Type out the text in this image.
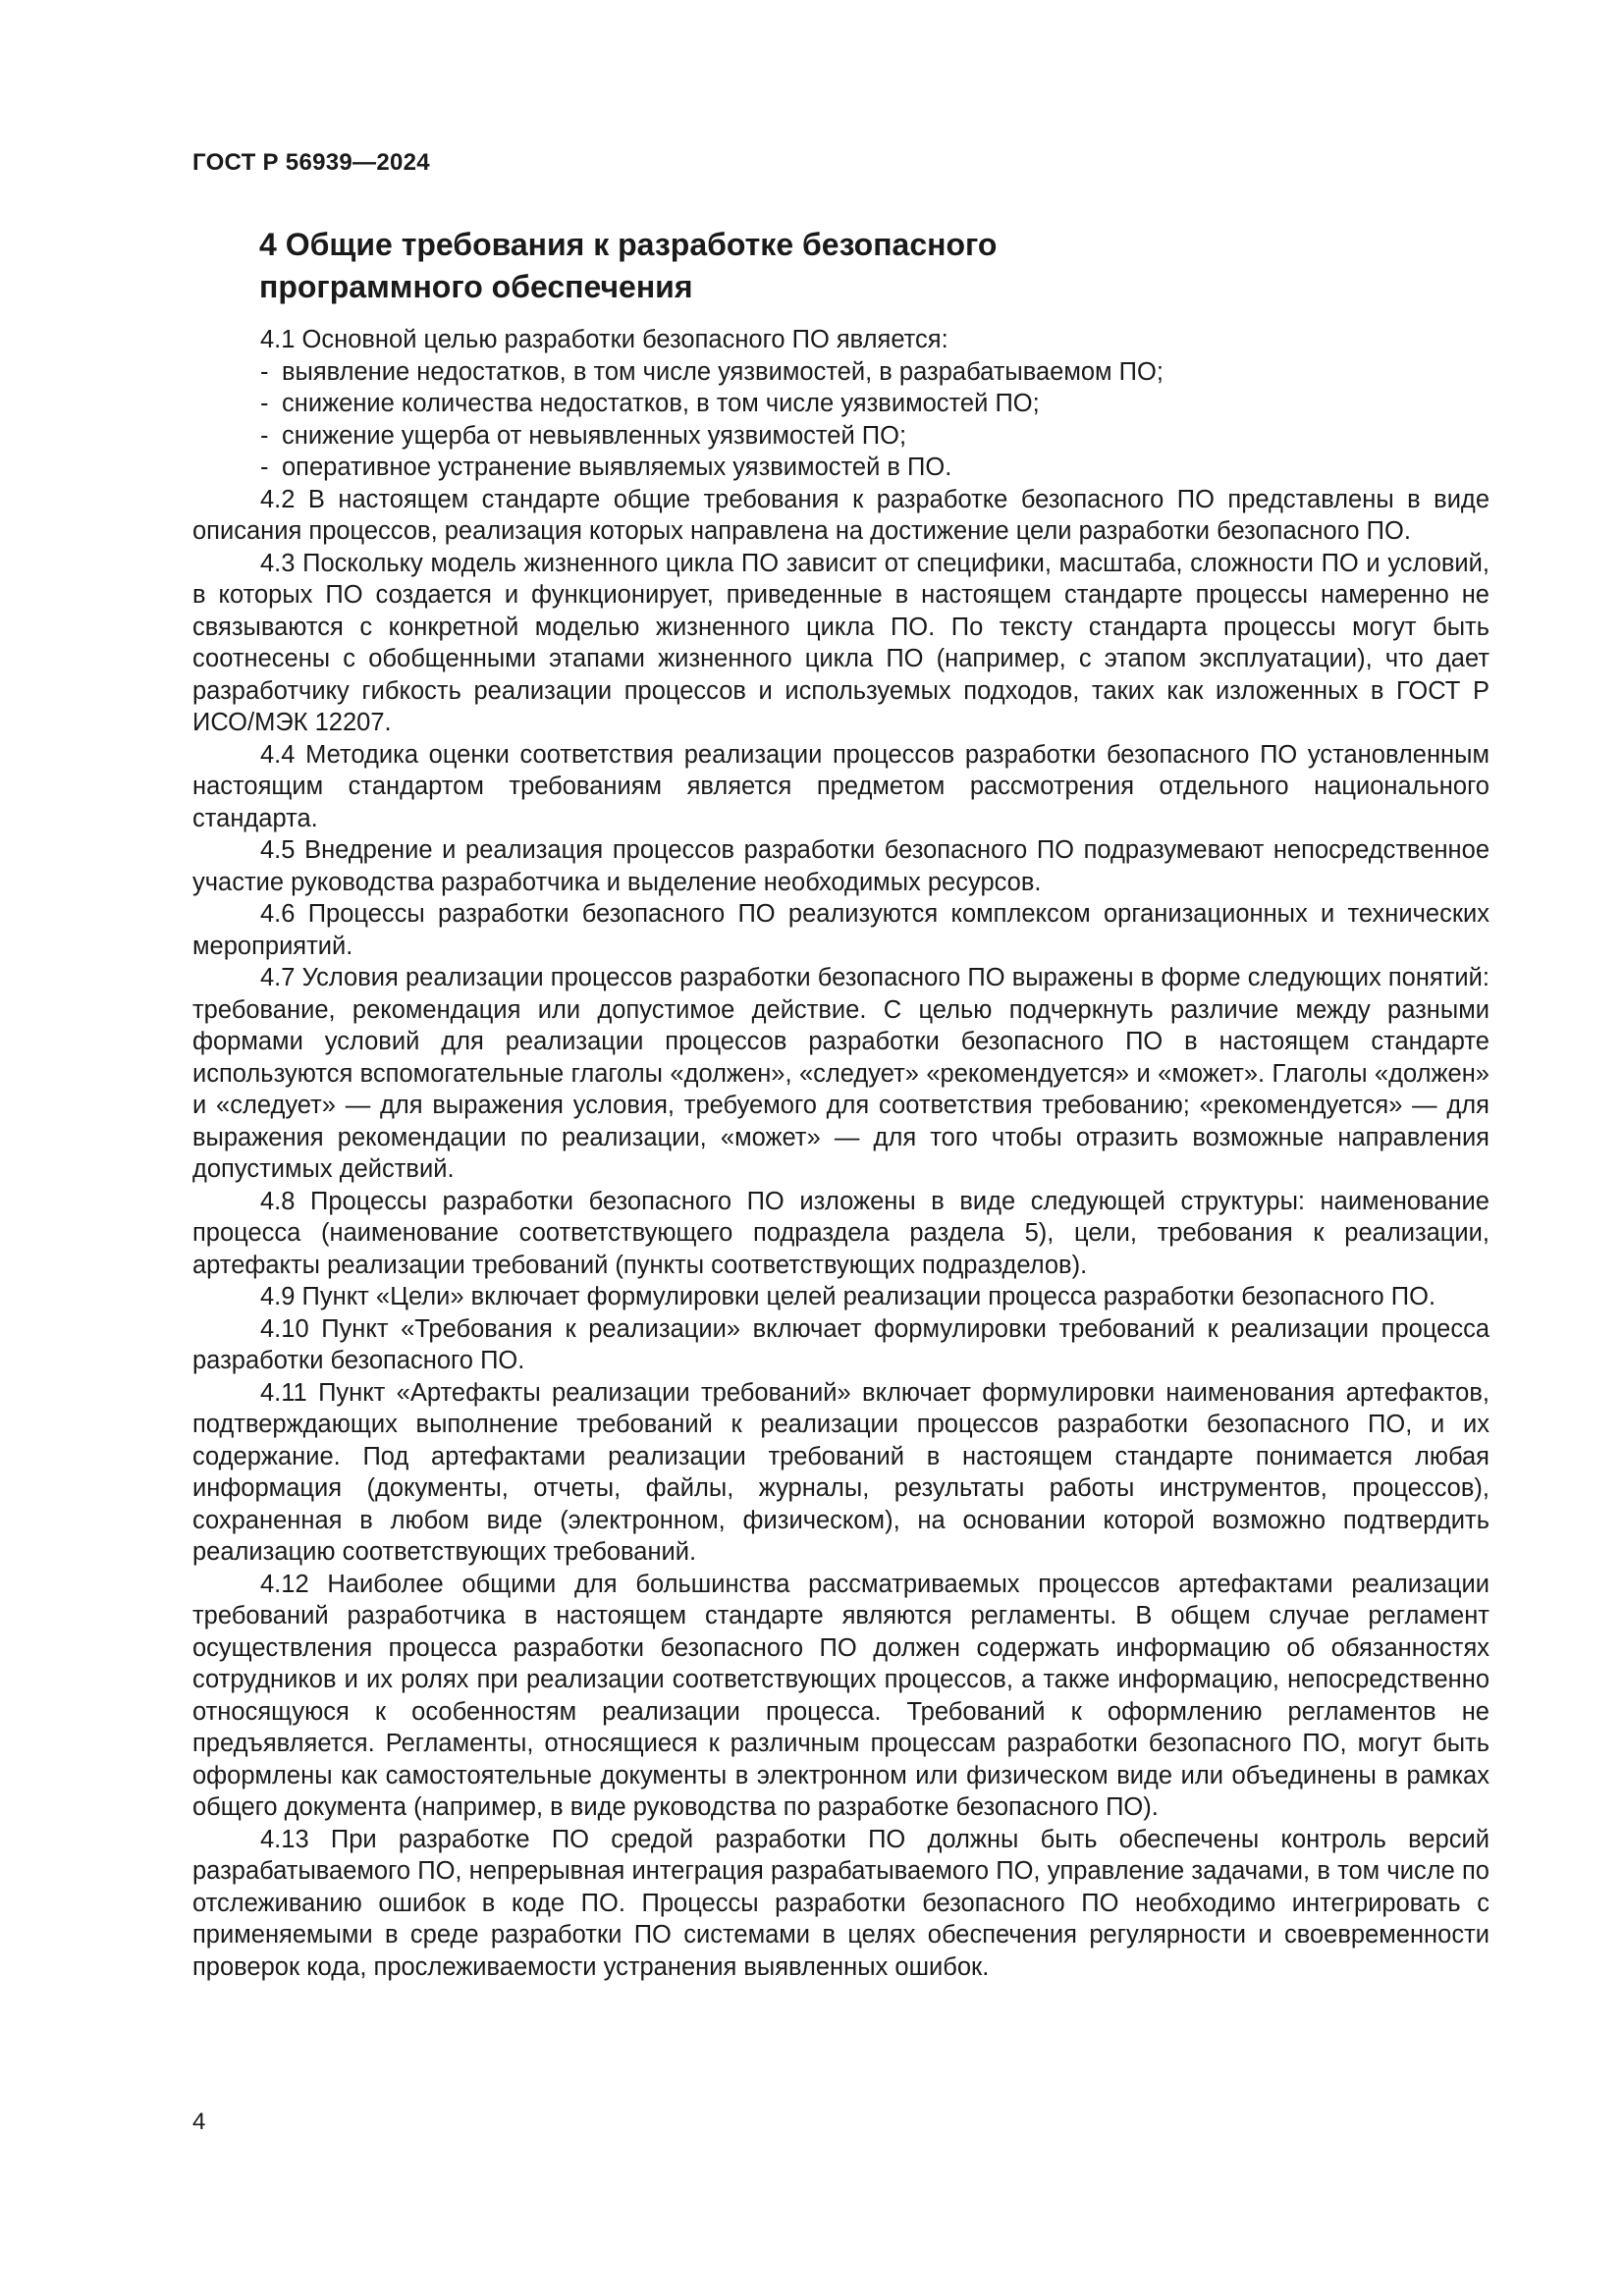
ГОСТ Р 56939—2024
4 Общие требования к разработке безопасного
программного обеспечения

4.1 Основной целью разработки безопасного ПО является:

- выявление недостатков, в том числе уязвимостей, в разрабатываемом ПО;
- снижение количества недостатков, в том числе уязвимостей ПО;
- снижение ущерба от невыявленных уязвимостей ПО;
- оперативное устранение выявляемых уязвимостей в ПО.

4.2 В настоящем стандарте общие требования к разработке безопасного ПО представлены в виде описания процессов, реализация которых направлена на достижение цели разработки безопасного ПО.

4.3 Поскольку модель жизненного цикла ПО зависит от специфики, масштаба, сложности ПО и условий, в которых ПО создается и функционирует, приведенные в настоящем стандарте процессы намеренно не связываются с конкретной моделью жизненного цикла ПО. По тексту стандарта процессы могут быть соотнесены с обобщенными этапами жизненного цикла ПО (например, с этапом эксплуатации), что дает разработчику гибкость реализации процессов и используемых подходов, таких как изложенных в ГОСТ Р ИСО/МЭК 12207.

4.4 Методика оценки соответствия реализации процессов разработки безопасного ПО установленным настоящим стандартом требованиям является предметом рассмотрения отдельного национального стандарта.

4.5 Внедрение и реализация процессов разработки безопасного ПО подразумевают непосредственное участие руководства разработчика и выделение необходимых ресурсов.

4.6 Процессы разработки безопасного ПО реализуются комплексом организационных и технических мероприятий.

4.7 Условия реализации процессов разработки безопасного ПО выражены в форме следующих понятий: требование, рекомендация или допустимое действие. С целью подчеркнуть различие между разными формами условий для реализации процессов разработки безопасного ПО в настоящем стандарте используются вспомогательные глаголы «должен», «следует» «рекомендуется» и «может». Глаголы «должен» и «следует» — для выражения условия, требуемого для соответствия требованию; «рекомендуется» — для выражения рекомендации по реализации, «может» — для того чтобы отразить возможные направления допустимых действий.

4.8 Процессы разработки безопасного ПО изложены в виде следующей структуры: наименование процесса (наименование соответствующего подраздела раздела 5), цели, требования к реализации, артефакты реализации требований (пункты соответствующих подразделов).

4.9 Пункт «Цели» включает формулировки целей реализации процесса разработки безопасного ПО.

4.10 Пункт «Требования к реализации» включает формулировки требований к реализации процесса разработки безопасного ПО.

4.11 Пункт «Артефакты реализации требований» включает формулировки наименования артефактов, подтверждающих выполнение требований к реализации процессов разработки безопасного ПО, и их содержание. Под артефактами реализации требований в настоящем стандарте понимается любая информация (документы, отчеты, файлы, журналы, результаты работы инструментов, процессов), сохраненная в любом виде (электронном, физическом), на основании которой возможно подтвердить реализацию соответствующих требований.

4.12 Наиболее общими для большинства рассматриваемых процессов артефактами реализации требований разработчика в настоящем стандарте являются регламенты. В общем случае регламент осуществления процесса разработки безопасного ПО должен содержать информацию об обязанностях сотрудников и их ролях при реализации соответствующих процессов, а также информацию, непосредственно относящуюся к особенностям реализации процесса. Требований к оформлению регламентов не предъявляется. Регламенты, относящиеся к различным процессам разработки безопасного ПО, могут быть оформлены как самостоятельные документы в электронном или физическом виде или объединены в рамках общего документа (например, в виде руководства по разработке безопасного ПО).

4.13 При разработке ПО средой разработки ПО должны быть обеспечены контроль версий разрабатываемого ПО, непрерывная интеграция разрабатываемого ПО, управление задачами, в том числе по отслеживанию ошибок в коде ПО. Процессы разработки безопасного ПО необходимо интегрировать с применяемыми в среде разработки ПО системами в целях обеспечения регулярности и своевременности проверок кода, прослеживаемости устранения выявленных ошибок.

4
